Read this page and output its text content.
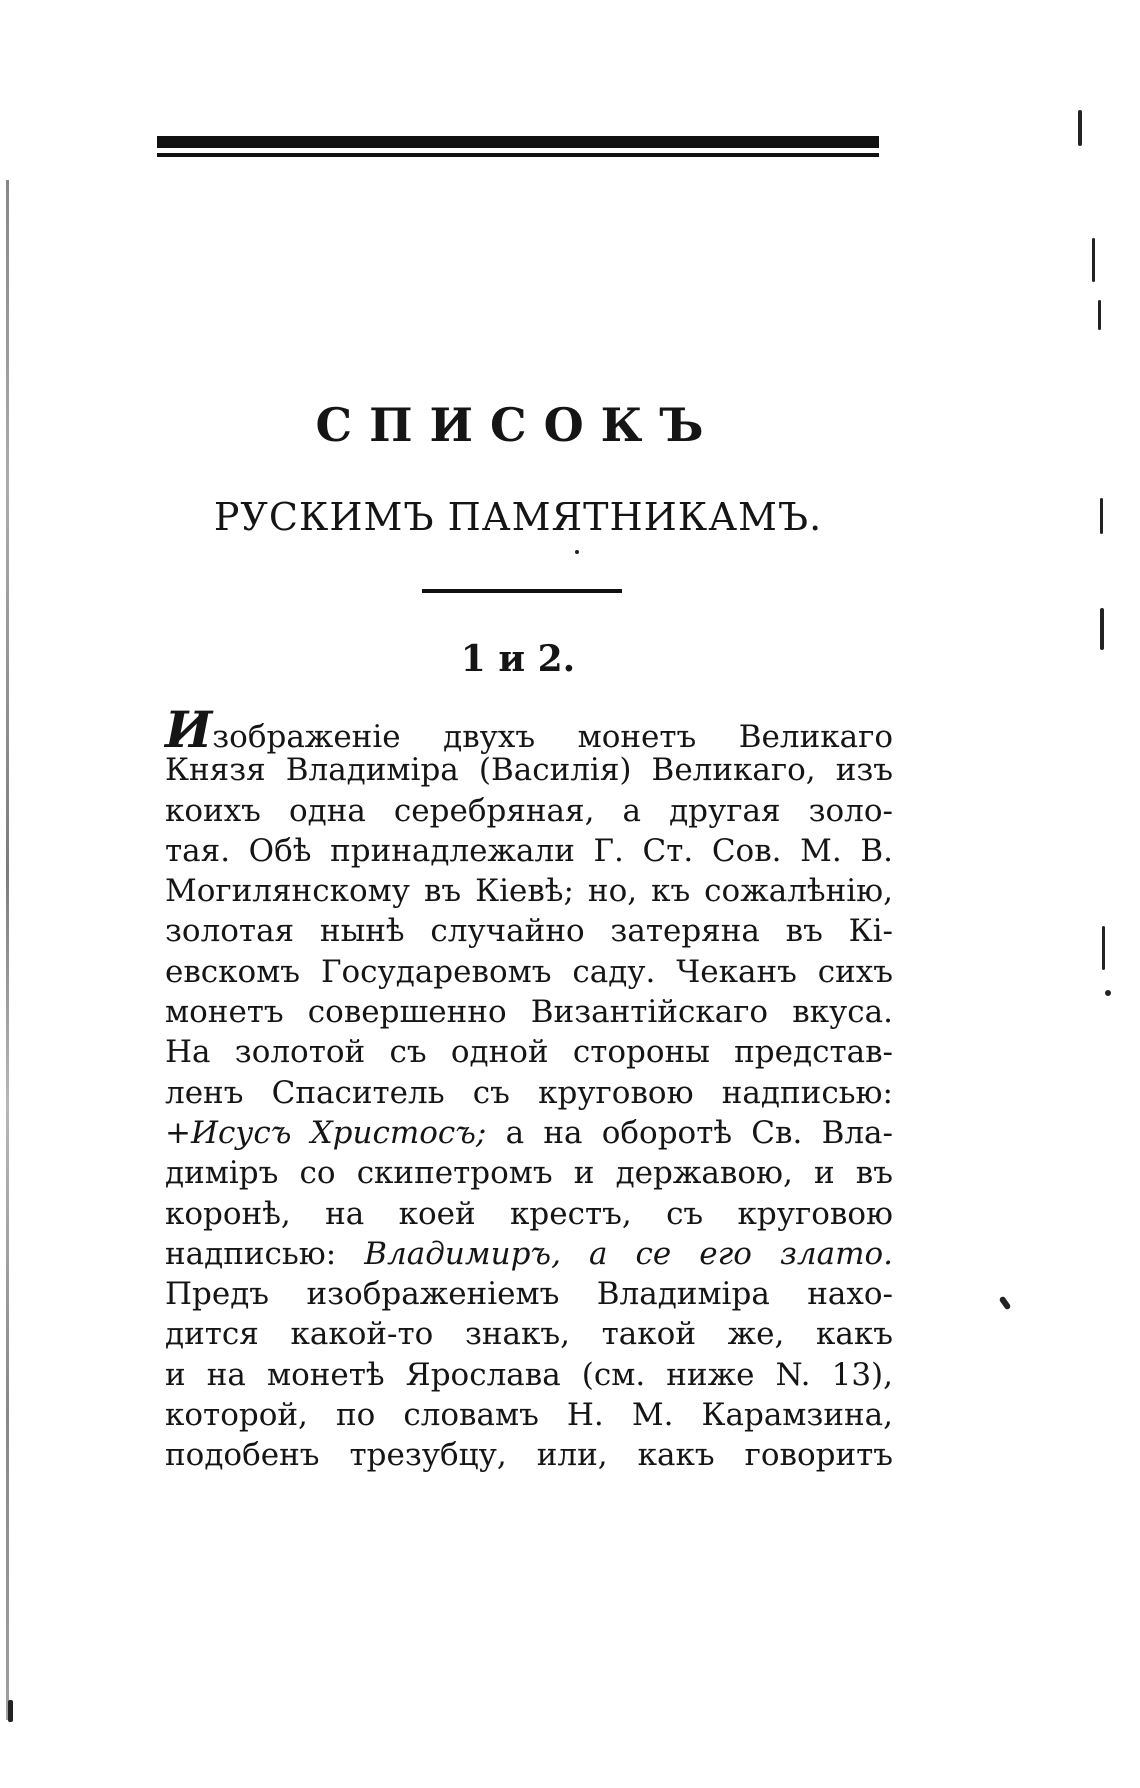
СПИСОКЪ
РУСКИМЪ ПАМЯТНИКАМЪ.
1 и 2.
Изображеніе двухъ монетъ Великаго
Князя Владиміра (Василія) Великаго, изъ
коихъ одна серебряная, а другая золо-
тая. Обѣ принадлежали Г. Ст. Сов. М. В.
Могилянскому въ Кіевѣ; но, къ сожалѣнію,
золотая нынѣ случайно затеряна въ Кі-
евскомъ Государевомъ саду. Чеканъ сихъ
монетъ совершенно Византійскаго вкуса.
На золотой съ одной стороны представ-
ленъ Спаситель съ круговою надписью:
+Исусъ Христосъ; а на оборотѣ Св. Вла-
диміръ со скипетромъ и державою, и въ
коронѣ, на коей крестъ, съ круговою
надписью: Владимиръ, а се его злато.
Предъ изображеніемъ Владиміра нахо-
дится какой-то знакъ, такой же, какъ
и на монетѣ Ярослава (см. ниже N. 13),
которой, по словамъ Н. М. Карамзина,
подобенъ трезубцу, или, какъ говоритъ
